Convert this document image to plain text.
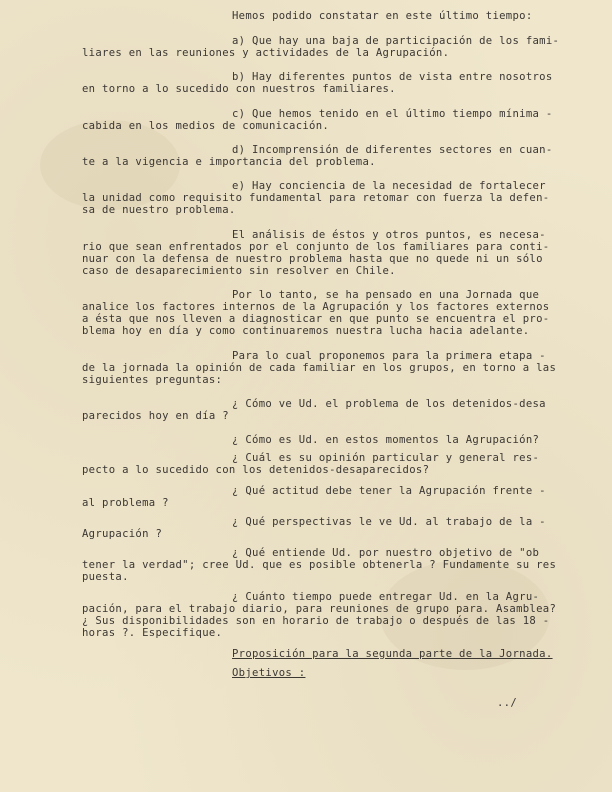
Hemos podido constatar en este último tiempo:
a) Que hay una baja de participación de los fami-
liares en las reuniones y actividades de la Agrupación.
b) Hay diferentes puntos de vista entre nosotros
en torno a lo sucedido con nuestros familiares.
c) Que hemos tenido en el último tiempo mínima -
cabida en los medios de comunicación.
d) Incomprensión de diferentes sectores en cuan-
te a la vigencia e importancia del problema.
e) Hay conciencia de la necesidad de fortalecer
la unidad como requisito fundamental para retomar con fuerza la defen-
sa de nuestro problema.
El análisis de éstos y otros puntos, es necesa-
rio que sean enfrentados por el conjunto de los familiares para conti-
nuar con la defensa de nuestro problema hasta que no quede ni un sólo
caso de desaparecimiento sin resolver en Chile.
Por lo tanto, se ha pensado en una Jornada que
analice los factores internos de la Agrupación y los factores externos
a ésta que nos lleven a diagnosticar en que punto se encuentra el pro-
blema hoy en día y como continuaremos nuestra lucha hacia adelante.
Para lo cual proponemos para la primera etapa -
de la jornada la opinión de cada familiar en los grupos, en torno a las
siguientes preguntas:
¿ Cómo ve Ud. el problema de los detenidos-desa
parecidos hoy en día ?
¿ Cómo es Ud. en estos momentos la Agrupación?
¿ Cuál es su opinión particular y general res-
pecto a lo sucedido con los detenidos-desaparecidos?
¿ Qué actitud debe tener la Agrupación frente -
al problema ?
¿ Qué perspectivas le ve Ud. al trabajo de la -
Agrupación ?
¿ Qué entiende Ud. por nuestro objetivo de "ob
tener la verdad"; cree Ud. que es posible obtenerla ? Fundamente su res
puesta.
¿ Cuánto tiempo puede entregar Ud. en la Agru-
pación, para el trabajo diario, para reuniones de grupo para. Asamblea?
¿ Sus disponibilidades son en horario de trabajo o después de las 18 -
horas ?. Especifique.
Proposición para la segunda parte de la Jornada.
Objetivos :
../
